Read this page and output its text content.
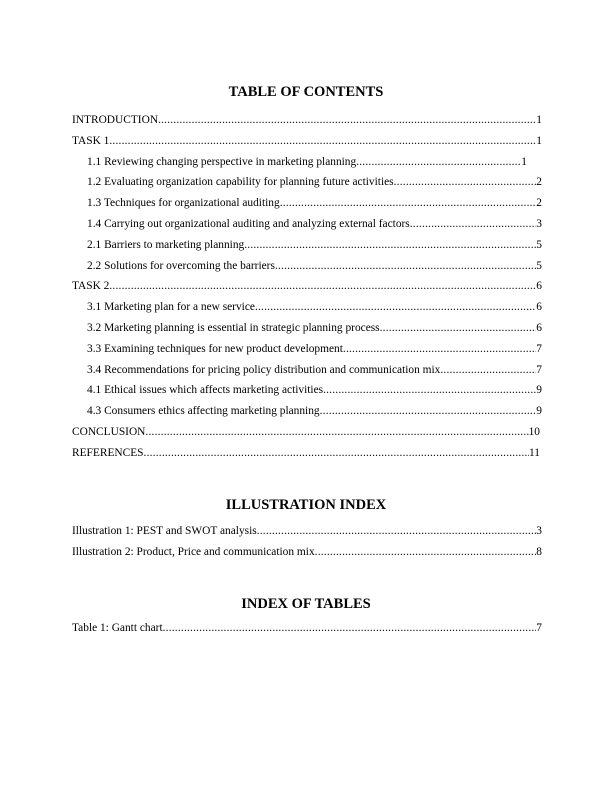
TABLE OF CONTENTS
INTRODUCTION .....	1
TASK 1 .....	1
1.1 Reviewing changing perspective in marketing planning .....	1
1.2 Evaluating organization capability for planning future activities .....	2
1.3 Techniques for organizational auditing .....	2
1.4 Carrying out organizational auditing and analyzing external factors .....	3
2.1 Barriers to marketing planning .....	5
2.2 Solutions for overcoming the barriers .....	5
TASK 2 .....	6
3.1 Marketing plan for a new service .....	6
3.2 Marketing planning is essential in strategic planning process .....	6
3.3 Examining techniques for new product development .....	7
3.4 Recommendations for pricing policy distribution and communication mix .....	7
4.1 Ethical issues which affects marketing activities .....	9
4.3 Consumers ethics affecting marketing planning .....	9
CONCLUSION .....	10
REFERENCES .....	11
ILLUSTRATION INDEX
Illustration 1: PEST and SWOT analysis .....	3
Illustration 2: Product, Price and communication mix .....	8
INDEX OF TABLES
Table 1: Gantt chart .....	7
